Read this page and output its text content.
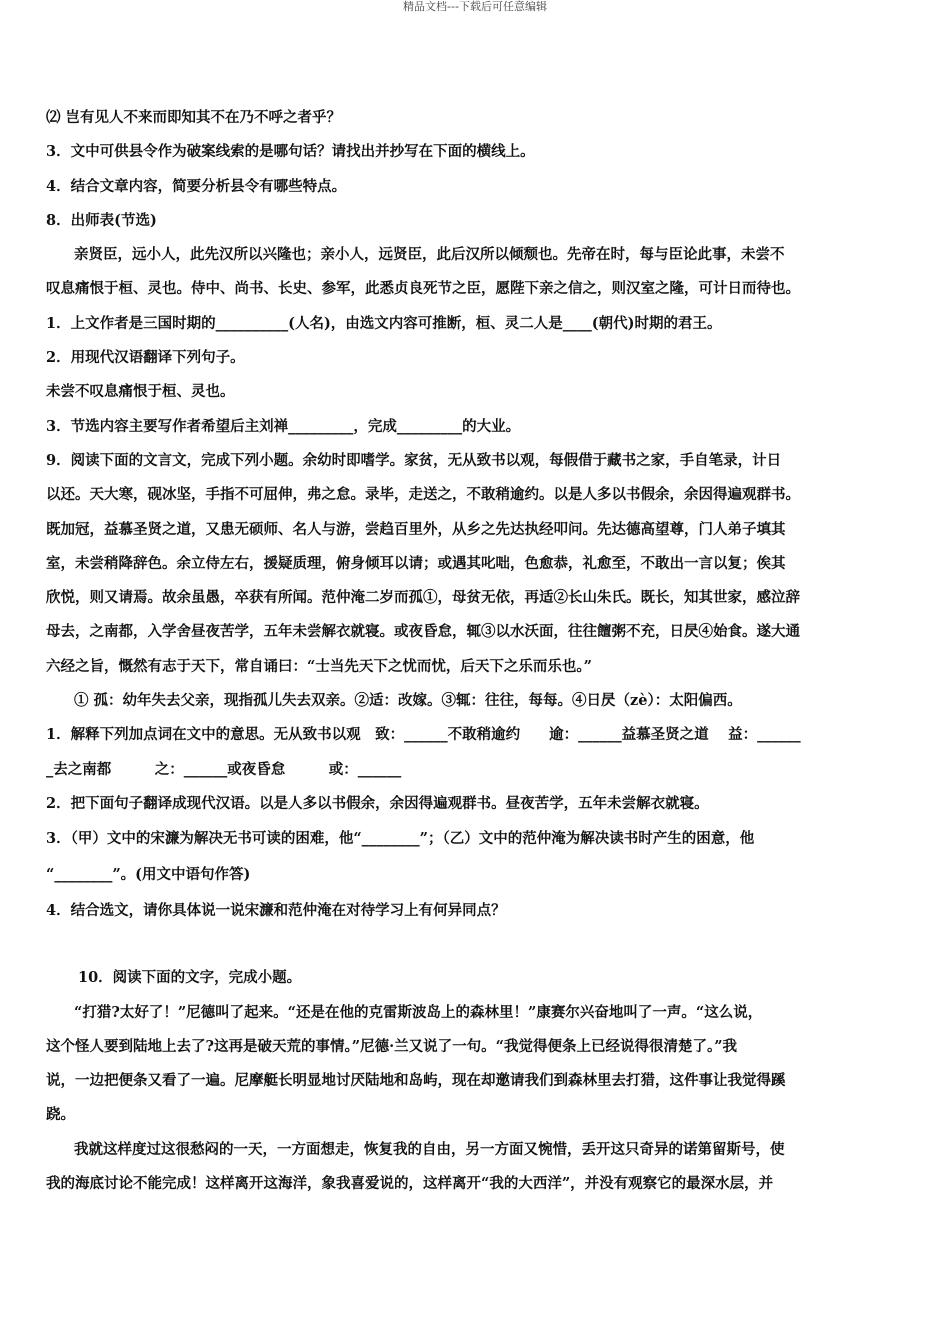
精品文档---下载后可任意编辑
⑵ 岂有见人不来而即知其不在乃不呼之者乎？
3．文中可供县令作为破案线索的是哪句话？请找出并抄写在下面的横线上。
4．结合文章内容，简要分析县令有哪些特点。
8．出师表(节选)
亲贤臣，远小人，此先汉所以兴隆也；亲小人，远贤臣，此后汉所以倾颓也。先帝在时，每与臣论此事，未尝不
叹息痛恨于桓、灵也。侍中、尚书、长史、参军，此悉贞良死节之臣，愿陛下亲之信之，则汉室之隆，可计日而待也。
1．上文作者是三国时期的__________(人名)，由选文内容可推断，桓、灵二人是____(朝代)时期的君王。
2．用现代汉语翻译下列句子。
未尝不叹息痛恨于桓、灵也。
3．节选内容主要写作者希望后主刘禅_________，完成_________的大业。
9．阅读下面的文言文，完成下列小题。余幼时即嗜学。家贫，无从致书以观，每假借于藏书之家，手自笔录，计日
以还。天大寒，砚冰坚，手指不可屈伸，弗之怠。录毕，走送之，不敢稍逾约。以是人多以书假余，余因得遍观群书。
既加冠，益慕圣贤之道，又患无硕师、名人与游，尝趋百里外，从乡之先达执经叩问。先达德高望尊，门人弟子填其
室，未尝稍降辞色。余立侍左右，援疑质理，俯身倾耳以请；或遇其叱咄，色愈恭，礼愈至，不敢出一言以复；俟其
欣悦，则又请焉。故余虽愚，卒获有所闻。范仲淹二岁而孤①，母贫无依，再适②长山朱氏。既长，知其世家，感泣辞
母去，之南都，入学舍昼夜苦学，五年未尝解衣就寝。或夜昏怠，辄③以水沃面，往往饘粥不充，日昃④始食。遂大通
六经之旨，慨然有志于天下，常自诵曰：“士当先天下之忧而忧，后天下之乐而乐也。”
① 孤：幼年失去父亲，现指孤儿失去双亲。②适：改嫁。③辄：往往，每每。④日昃（zè）：太阳偏西。
1．解释下列加点词在文中的意思。无从致书以观　致：______不敢稍逾约　　逾：______益慕圣贤之道　 益：______
_去之南都　　　之：______或夜昏怠　　　或：______
2．把下面句子翻译成现代汉语。以是人多以书假余，余因得遍观群书。昼夜苦学，五年未尝解衣就寝。
3．（甲）文中的宋濂为解决无书可读的困难，他“________”；（乙）文中的范仲淹为解决读书时产生的困意，他
“________”。(用文中语句作答)
4．结合选文，请你具体说一说宋濂和范仲淹在对待学习上有何异同点？
10．阅读下面的文字，完成小题。
“打猎?太好了！”尼德叫了起来。“还是在他的克雷斯波岛上的森林里！”康赛尔兴奋地叫了一声。“这么说，
这个怪人要到陆地上去了?这再是破天荒的事情。”尼德·兰又说了一句。“我觉得便条上已经说得很清楚了。”我
说，一边把便条又看了一遍。尼摩艇长明显地讨厌陆地和岛屿，现在却邀请我们到森林里去打猎，这件事让我觉得蹊
跷。
我就这样度过这很愁闷的一天，一方面想走，恢复我的自由，另一方面又惋惜，丢开这只奇异的诺第留斯号，使
我的海底讨论不能完成！这样离开这海洋，象我喜爱说的，这样离开“我的大西洋”，并没有观察它的最深水层，并
